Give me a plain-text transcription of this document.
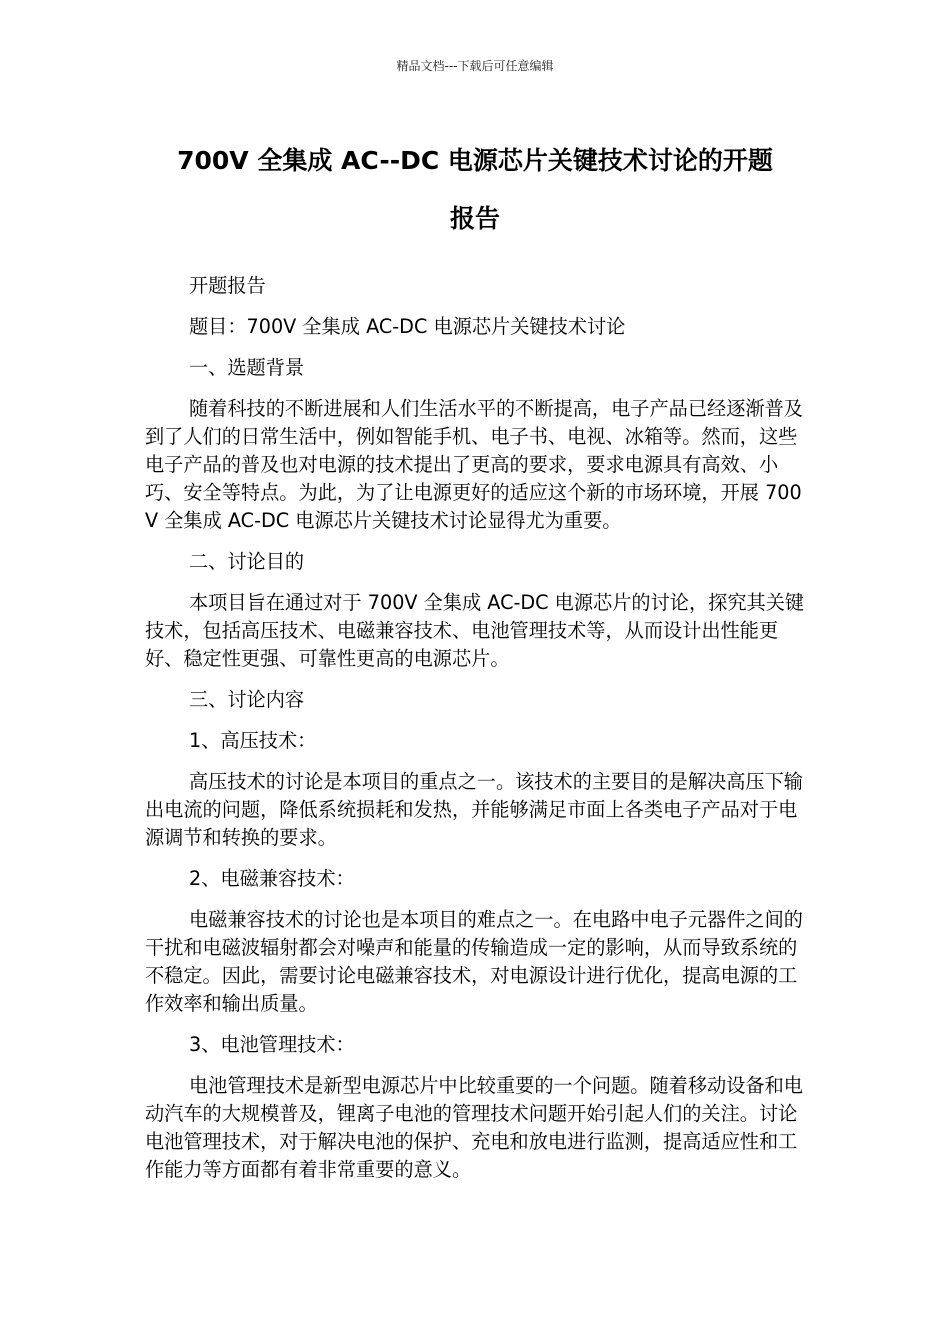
精品文档---下载后可任意编辑
700V 全集成 AC--DC 电源芯片关键技术讨论的开题
报告

开题报告

题目：700V 全集成 AC-DC 电源芯片关键技术讨论

一、选题背景

随着科技的不断进展和人们生活水平的不断提高，电子产品已经逐渐普及到了人们的日常生活中，例如智能手机、电子书、电视、冰箱等。然而，这些电子产品的普及也对电源的技术提出了更高的要求，要求电源具有高效、小巧、安全等特点。为此，为了让电源更好的适应这个新的市场环境，开展 700V 全集成 AC-DC 电源芯片关键技术讨论显得尤为重要。

二、讨论目的

本项目旨在通过对于 700V 全集成 AC-DC 电源芯片的讨论，探究其关键技术，包括高压技术、电磁兼容技术、电池管理技术等，从而设计出性能更好、稳定性更强、可靠性更高的电源芯片。

三、讨论内容

1、高压技术：

高压技术的讨论是本项目的重点之一。该技术的主要目的是解决高压下输出电流的问题，降低系统损耗和发热，并能够满足市面上各类电子产品对于电源调节和转换的要求。

2、电磁兼容技术：

电磁兼容技术的讨论也是本项目的难点之一。在电路中电子元器件之间的干扰和电磁波辐射都会对噪声和能量的传输造成一定的影响，从而导致系统的不稳定。因此，需要讨论电磁兼容技术，对电源设计进行优化，提高电源的工作效率和输出质量。

3、电池管理技术：

电池管理技术是新型电源芯片中比较重要的一个问题。随着移动设备和电动汽车的大规模普及，锂离子电池的管理技术问题开始引起人们的关注。讨论电池管理技术，对于解决电池的保护、充电和放电进行监测，提高适应性和工作能力等方面都有着非常重要的意义。
